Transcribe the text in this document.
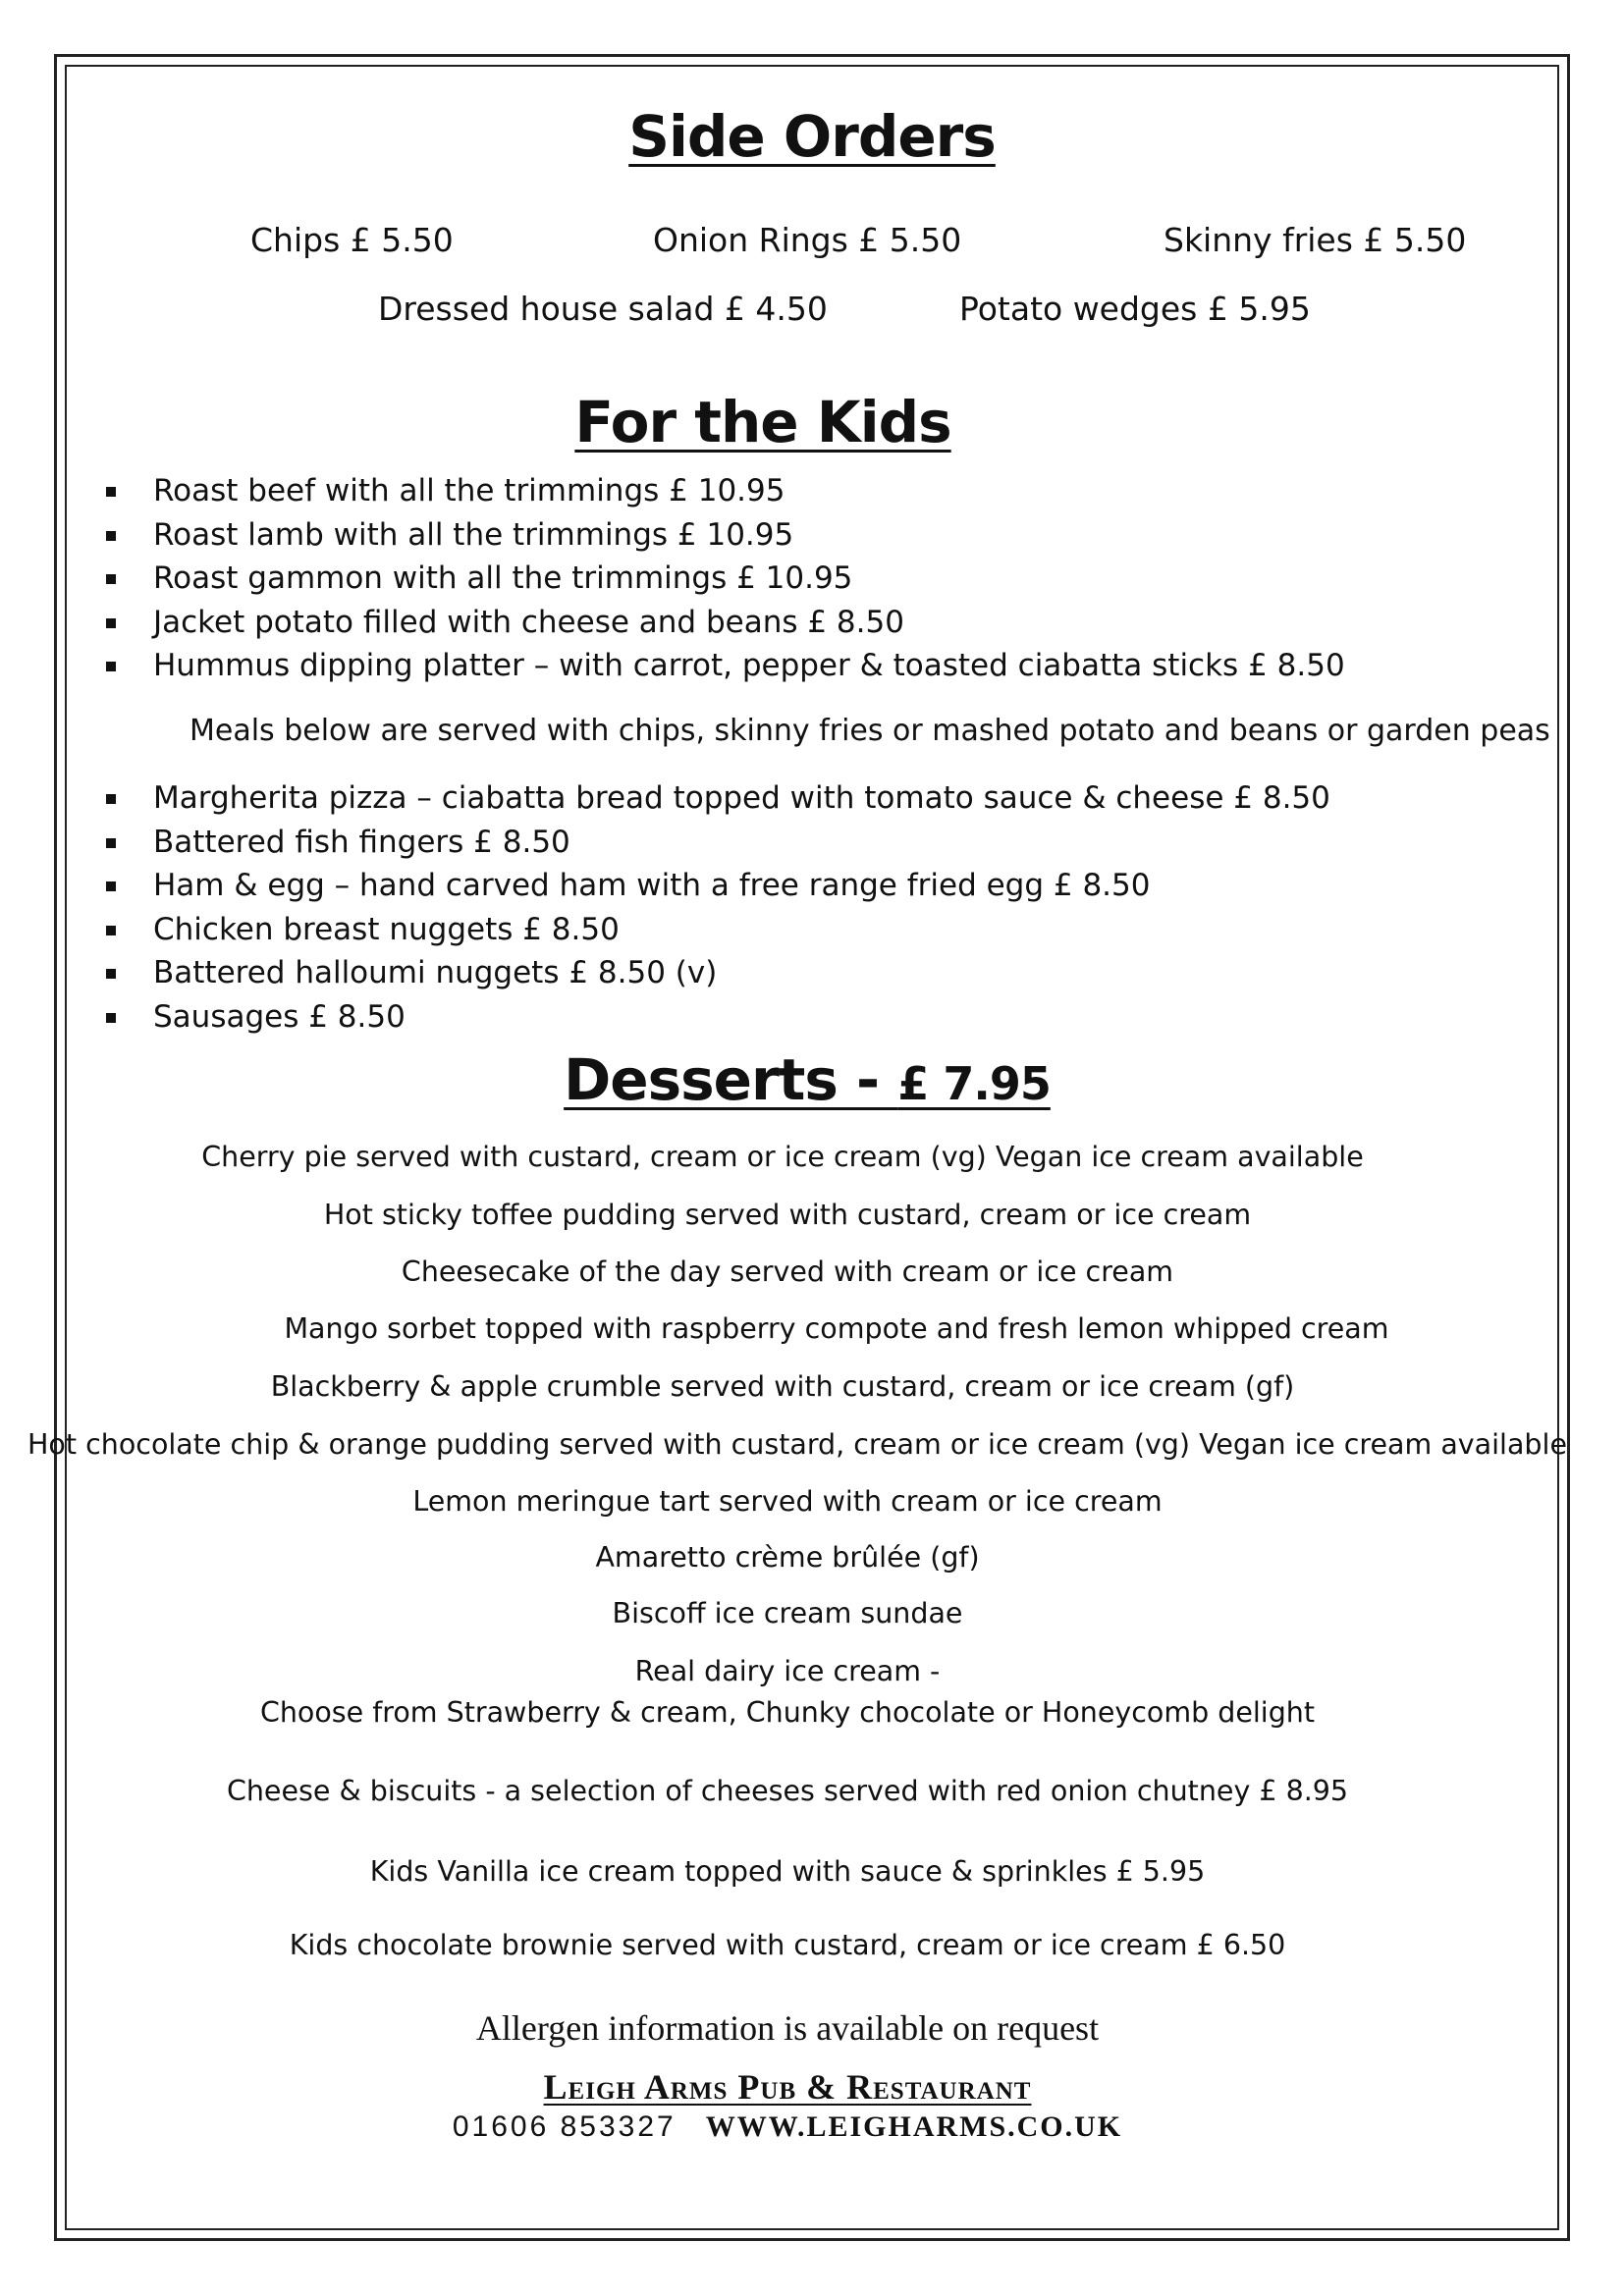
Side Orders
Chips £ 5.50	Onion Rings £ 5.50	Skinny fries £ 5.50
Dressed house salad £ 4.50	Potato wedges £ 5.95
For the Kids
Roast beef with all the trimmings £ 10.95
Roast lamb with all the trimmings £ 10.95
Roast gammon with all the trimmings £ 10.95
Jacket potato filled with cheese and beans £ 8.50
Hummus dipping platter – with carrot, pepper & toasted ciabatta sticks £ 8.50
Meals below are served with chips, skinny fries or mashed potato and beans or garden peas
Margherita pizza – ciabatta bread topped with tomato sauce & cheese £ 8.50
Battered fish fingers £ 8.50
Ham & egg – hand carved ham with a free range fried egg £ 8.50
Chicken breast nuggets £ 8.50
Battered halloumi nuggets £ 8.50 (v)
Sausages £ 8.50
Desserts - £ 7.95
Cherry pie served with custard, cream or ice cream (vg) Vegan ice cream available
Hot sticky toffee pudding served with custard, cream or ice cream
Cheesecake of the day served with cream or ice cream
Mango sorbet topped with raspberry compote and fresh lemon whipped cream
Blackberry & apple crumble served with custard, cream or ice cream (gf)
Hot chocolate chip & orange pudding served with custard, cream or ice cream (vg) Vegan ice cream available
Lemon meringue tart served with cream or ice cream
Amaretto crème brûlée (gf)
Biscoff ice cream sundae
Real dairy ice cream -
Choose from Strawberry & cream, Chunky chocolate or Honeycomb delight
Cheese & biscuits - a selection of cheeses served with red onion chutney £ 8.95
Kids Vanilla ice cream topped with sauce & sprinkles £ 5.95
Kids chocolate brownie served with custard, cream or ice cream £ 6.50
Allergen information is available on request
Leigh Arms Pub & Restaurant
01606 853327 WWW.LEIGHARMS.CO.UK
